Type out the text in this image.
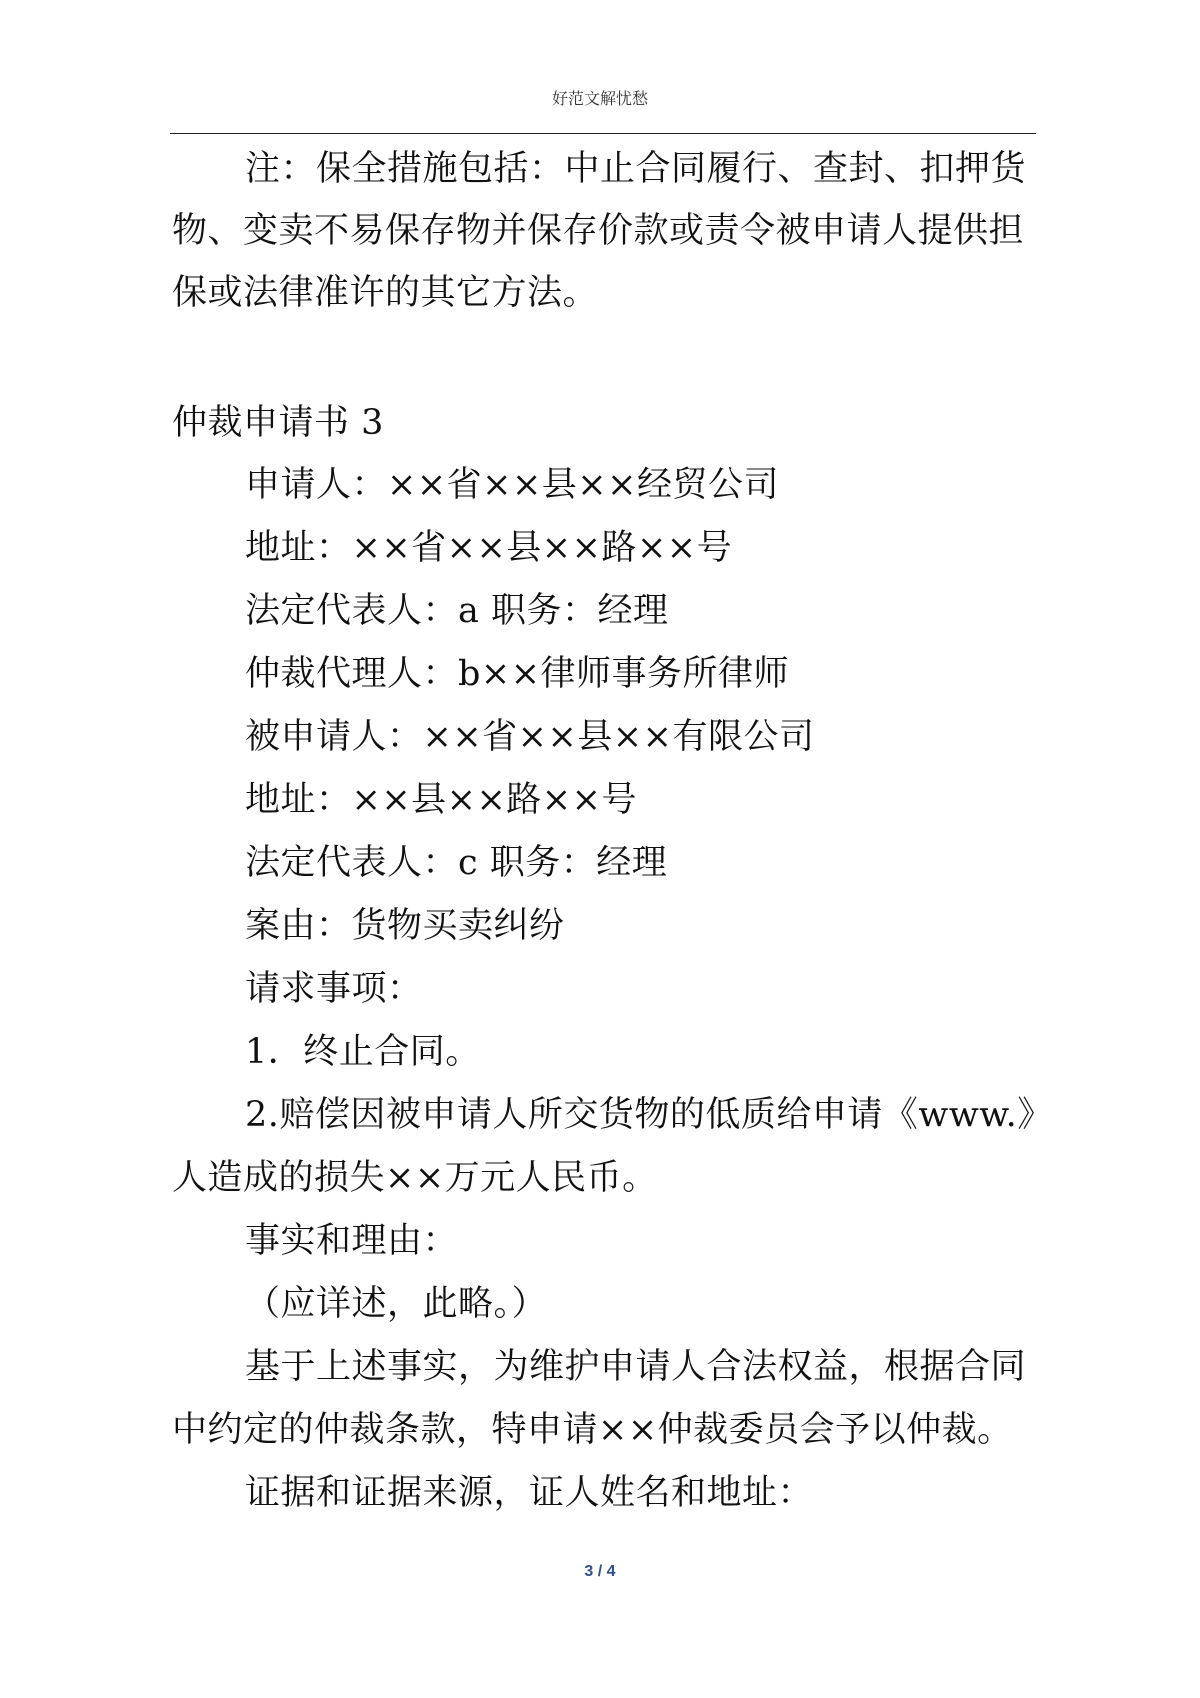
好范文解忧愁
注：保全措施包括：中止合同履行、查封、扣押货
物、变卖不易保存物并保存价款或责令被申请人提供担
保或法律准许的其它方法。
仲裁申请书 3
申请人：××省××县××经贸公司
地址：××省××县××路××号
法定代表人：a 职务：经理
仲裁代理人：b××律师事务所律师
被申请人：××省××县××有限公司
地址：××县××路××号
法定代表人：c 职务：经理
案由：货物买卖纠纷
请求事项：
1．终止合同。
2.赔偿因被申请人所交货物的低质给申请《www.》
人造成的损失××万元人民币。
事实和理由：
（应详述，此略。）
基于上述事实，为维护申请人合法权益，根据合同
中约定的仲裁条款，特申请××仲裁委员会予以仲裁。
证据和证据来源，证人姓名和地址：
3 / 4
